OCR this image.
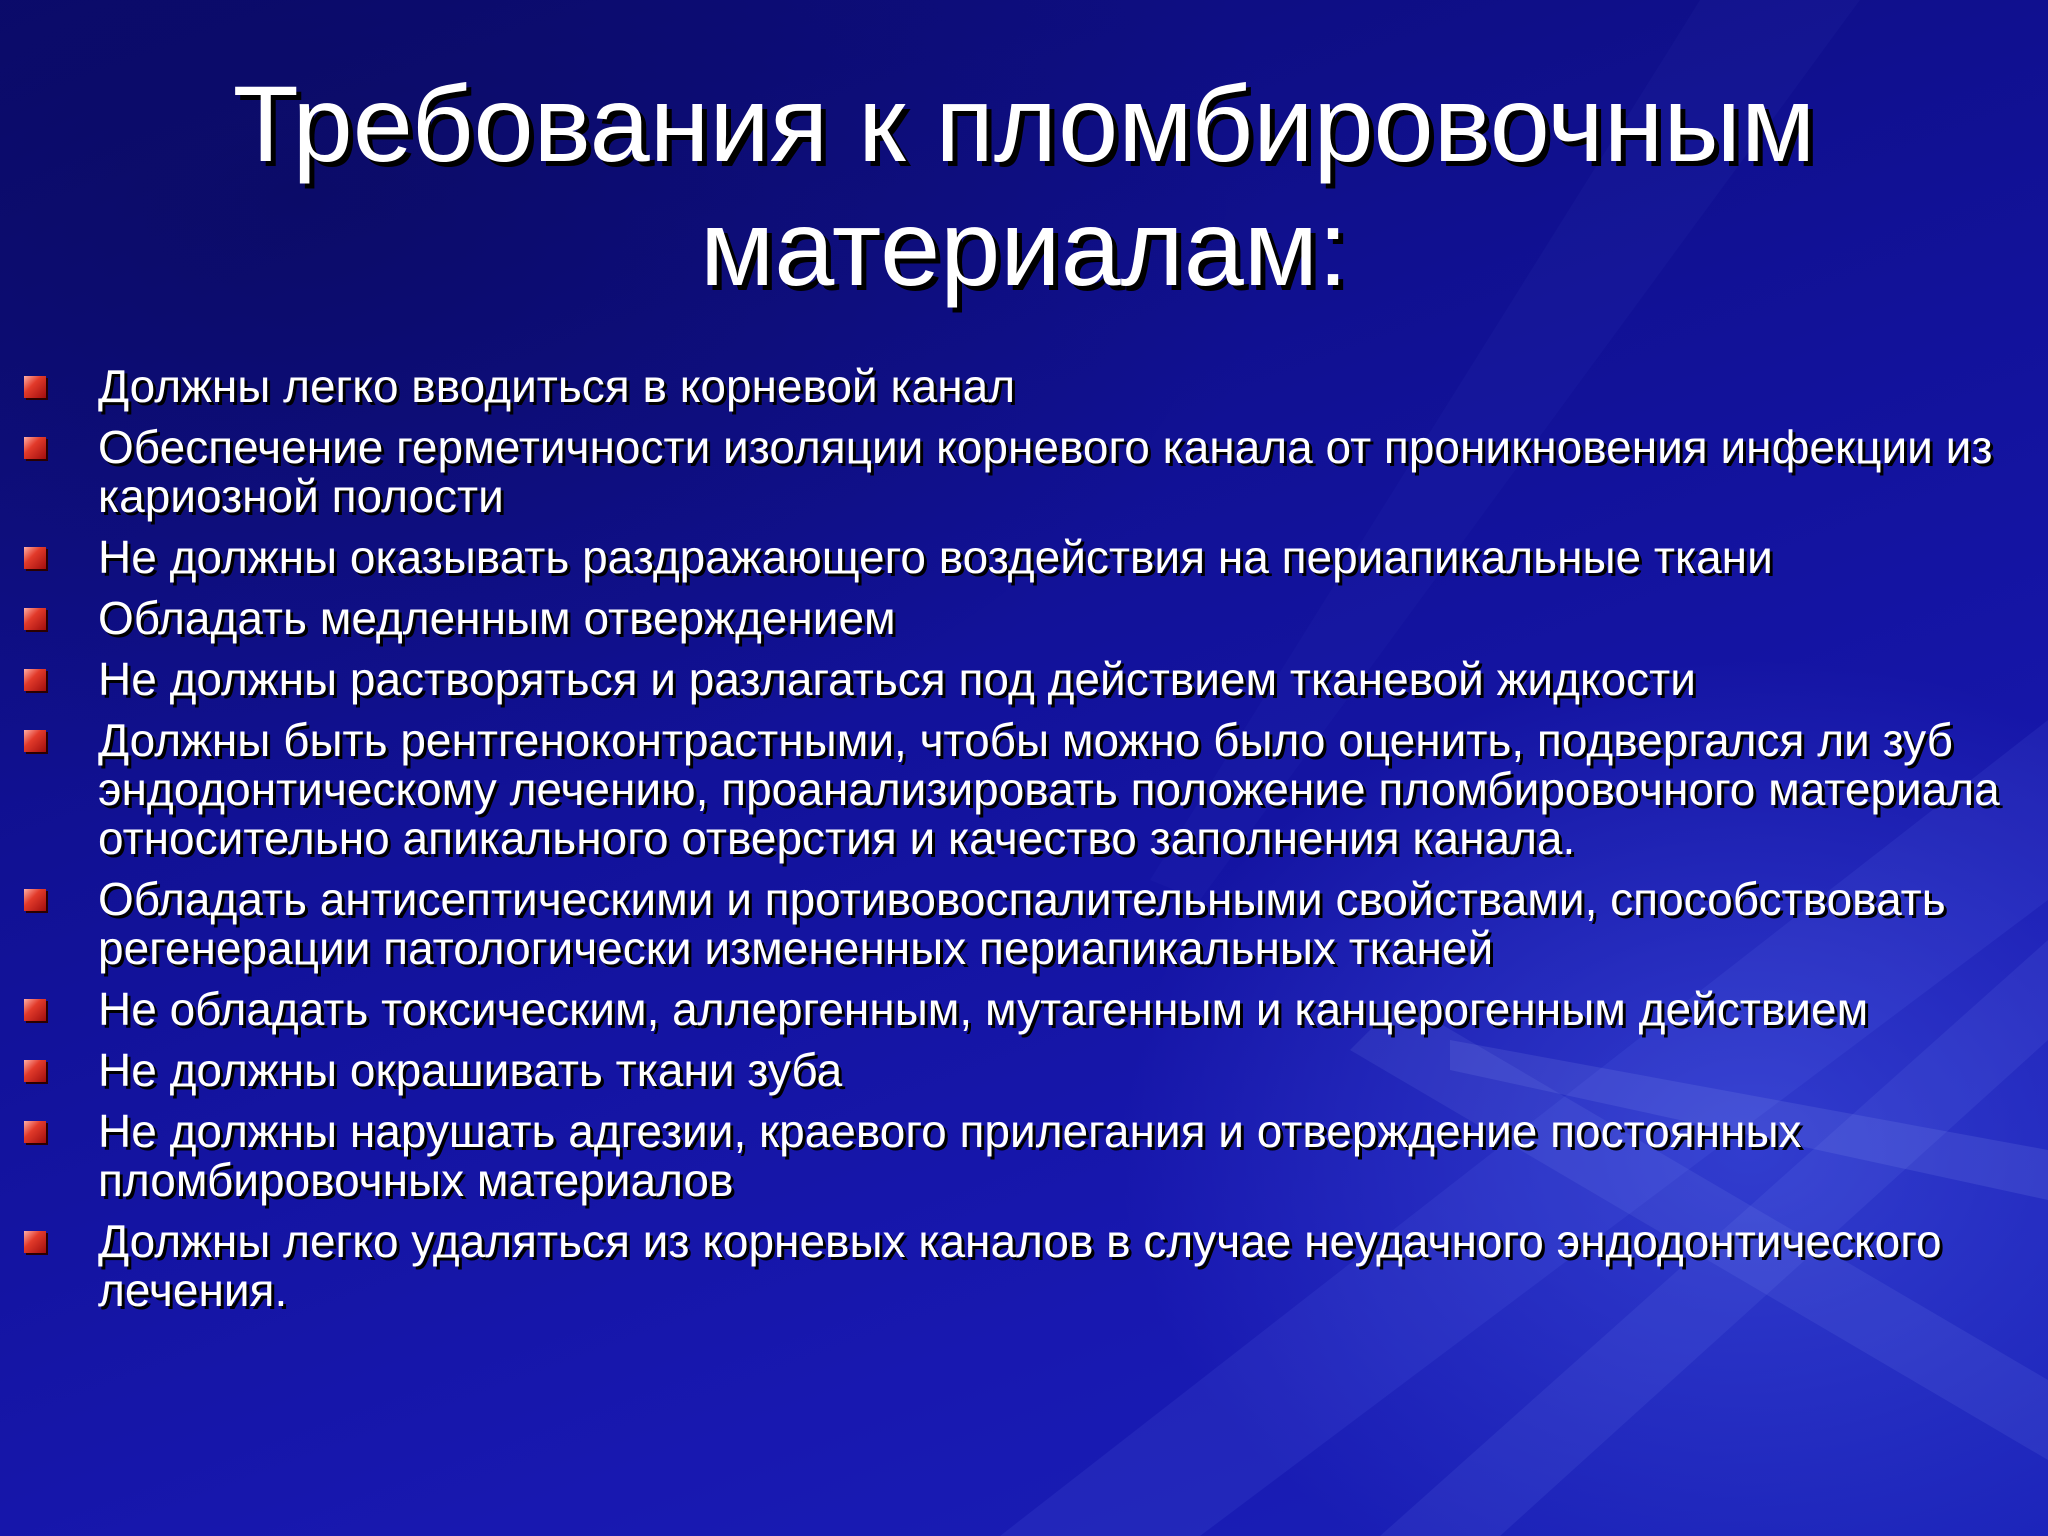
Требования к пломбировочным
материалам:
Должны легко вводиться в корневой канал
Обеспечение герметичности изоляции корневого канала от проникновения инфекции из кариозной полости
Не должны оказывать раздражающего воздействия на периапикальные ткани
Обладать медленным отверждением
Не должны растворяться и разлагаться под действием тканевой жидкости
Должны быть рентгеноконтрастными, чтобы можно было оценить, подвергался ли зуб эндодонтическому лечению, проанализировать положение пломбировочного материала относительно апикального отверстия и качество заполнения канала.
Обладать антисептическими и противовоспалительными свойствами, способствовать регенерации патологически измененных периапикальных тканей
Не обладать токсическим, аллергенным, мутагенным и канцерогенным действием
Не должны окрашивать ткани зуба
Не должны нарушать адгезии, краевого прилегания и отверждение постоянных пломбировочных материалов
Должны легко удаляться из корневых каналов в случае неудачного эндодонтического лечения.
